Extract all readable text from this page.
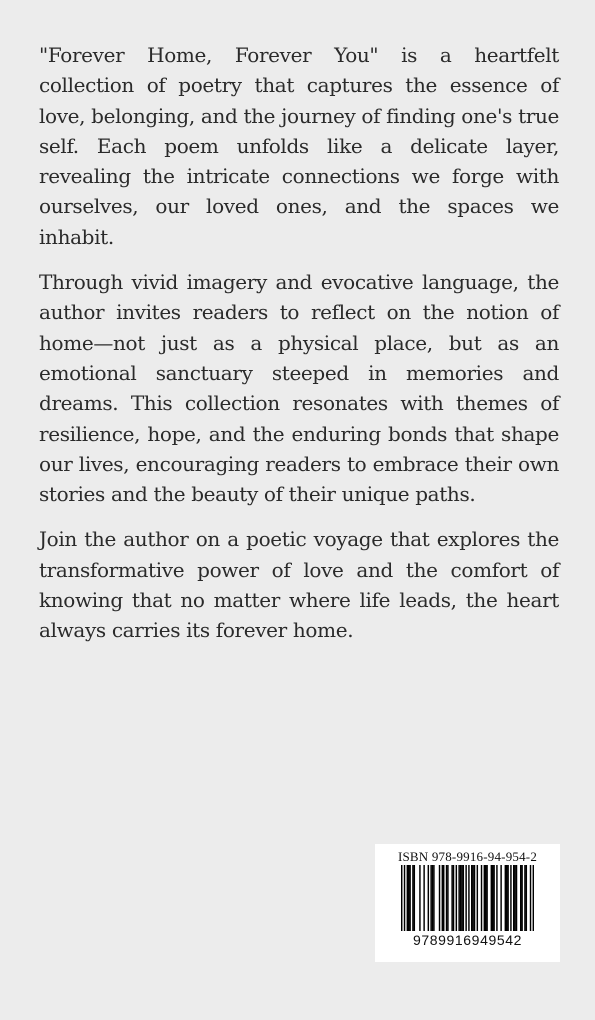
"Forever Home, Forever You" is a heartfelt collection of poetry that captures the essence of love, belonging, and the journey of finding one's true self. Each poem unfolds like a delicate layer, revealing the intricate connections we forge with ourselves, our loved ones, and the spaces we inhabit.

Through vivid imagery and evocative language, the author invites readers to reflect on the notion of home—not just as a physical place, but as an emotional sanctuary steeped in memories and dreams. This collection resonates with themes of resilience, hope, and the enduring bonds that shape our lives, encouraging readers to embrace their own stories and the beauty of their unique paths.

Join the author on a poetic voyage that explores the transformative power of love and the comfort of knowing that no matter where life leads, the heart always carries its forever home.

ISBN 978-9916-94-954-2
9789916949542
